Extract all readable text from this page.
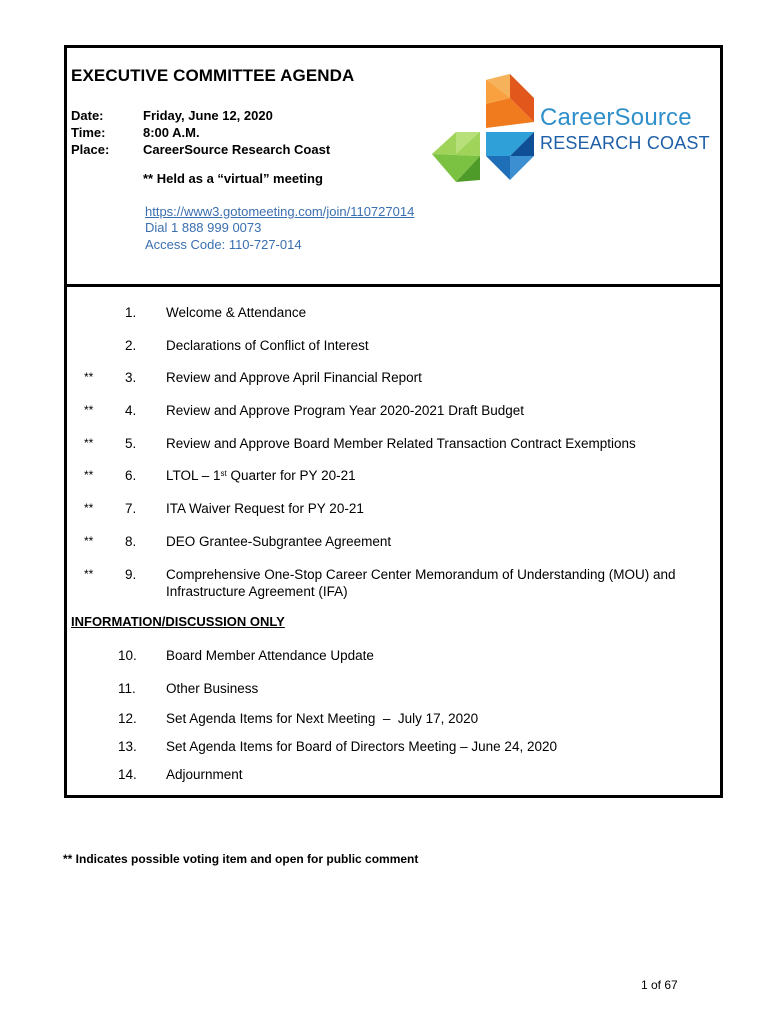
EXECUTIVE COMMITTEE AGENDA
Date:	Friday, June 12, 2020
Time:	8:00 A.M.
Place:	CareerSource Research Coast
** Held as a “virtual” meeting
https://www3.gotomeeting.com/join/110727014
Dial 1 888 999 0073
Access Code: 110-727-014
CareerSource
RESEARCH COAST
1. Welcome & Attendance
2. Declarations of Conflict of Interest
** 3. Review and Approve April Financial Report
** 4. Review and Approve Program Year 2020-2021 Draft Budget
** 5. Review and Approve Board Member Related Transaction Contract Exemptions
** 6. LTOL – 1st Quarter for PY 20-21
** 7. ITA Waiver Request for PY 20-21
** 8. DEO Grantee-Subgrantee Agreement
** 9. Comprehensive One-Stop Career Center Memorandum of Understanding (MOU) and
Infrastructure Agreement (IFA)
INFORMATION/DISCUSSION ONLY
10. Board Member Attendance Update
11. Other Business
12. Set Agenda Items for Next Meeting  –  July 17, 2020
13. Set Agenda Items for Board of Directors Meeting – June 24, 2020
14. Adjournment
** Indicates possible voting item and open for public comment
1 of 67
